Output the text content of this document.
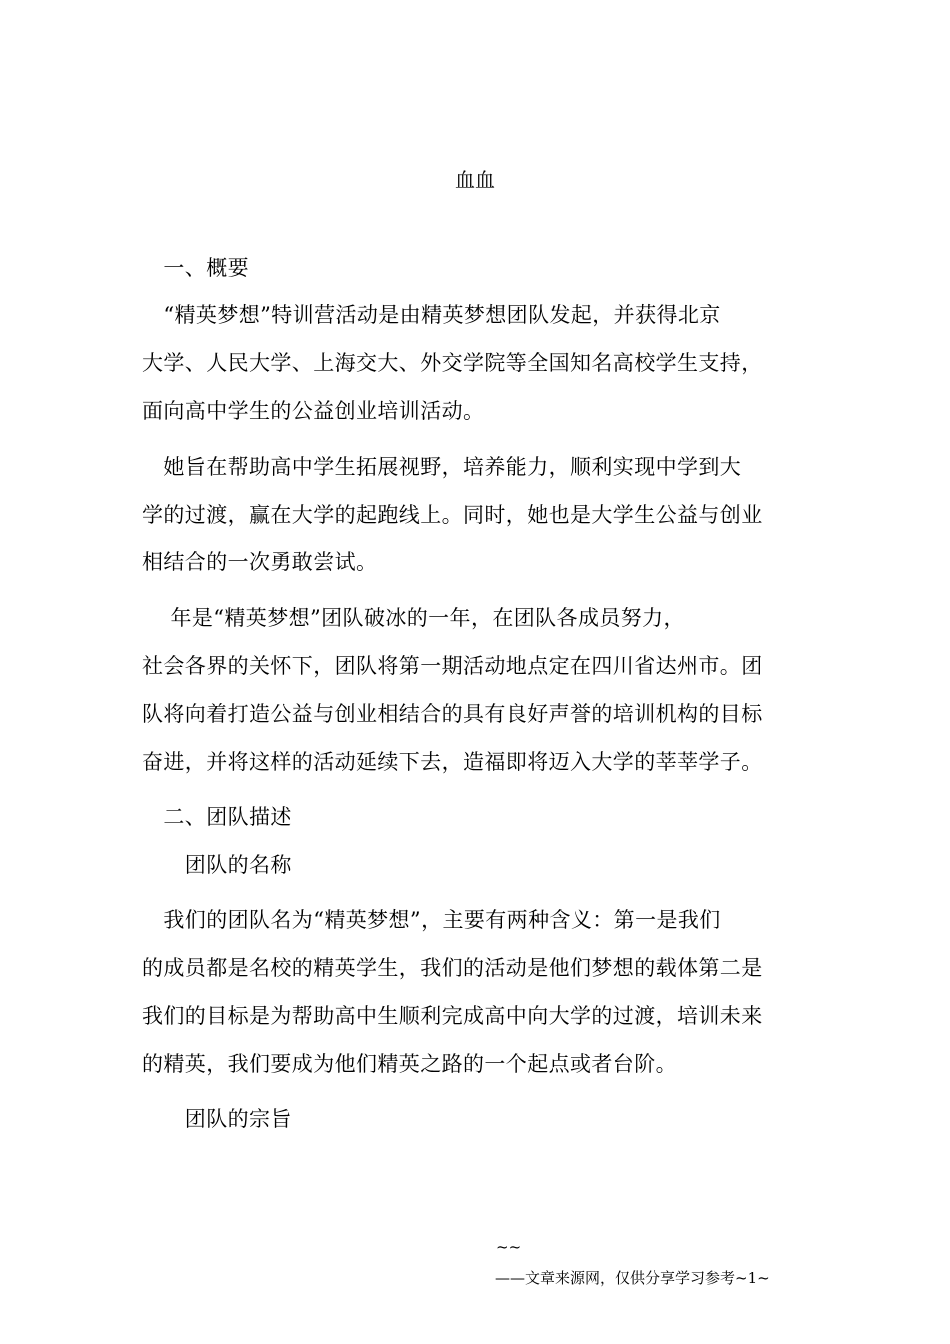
血血
　一、概要
　“精英梦想”特训营活动是由精英梦想团队发起，并获得北京
大学、人民大学、上海交大、外交学院等全国知名高校学生支持，
面向高中学生的公益创业培训活动。
　她旨在帮助高中学生拓展视野，培养能力，顺利实现中学到大
学的过渡，赢在大学的起跑线上。同时，她也是大学生公益与创业
相结合的一次勇敢尝试。
　 年是“精英梦想”团队破冰的一年，在团队各成员努力，
社会各界的关怀下，团队将第一期活动地点定在四川省达州市。团
队将向着打造公益与创业相结合的具有良好声誉的培训机构的目标
奋进，并将这样的活动延续下去，造福即将迈入大学的莘莘学子。
　二、团队描述
　　团队的名称
　我们的团队名为“精英梦想”，主要有两种含义：第一是我们
的成员都是名校的精英学生，我们的活动是他们梦想的载体第二是
我们的目标是为帮助高中生顺利完成高中向大学的过渡，培训未来
的精英，我们要成为他们精英之路的一个起点或者台阶。
　　团队的宗旨
~~
——文章来源网，仅供分享学习参考~1~
